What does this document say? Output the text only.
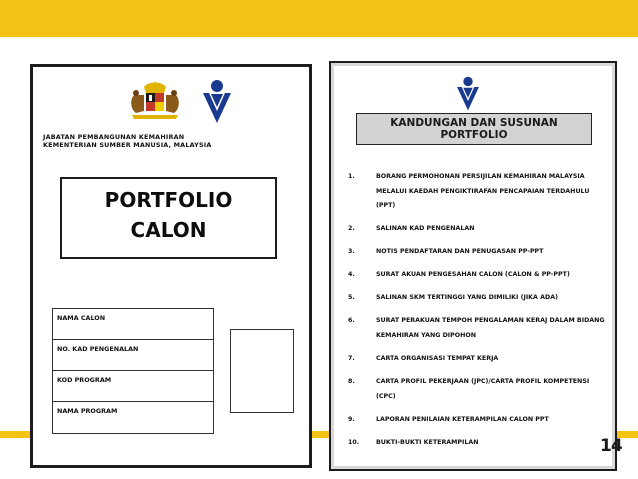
JABATAN PEMBANGUNAN KEMAHIRAN
KEMENTERIAN SUMBER MANUSIA, MALAYSIA
PORTFOLIO
CALON
NAMA CALON
NO. KAD PENGENALAN
KOD PROGRAM
NAMA PROGRAM
KANDUNGAN DAN SUSUNAN
PORTFOLIO
1.	BORANG PERMOHONAN PERSIJILAN KEMAHIRAN MALAYSIA MELALUI KAEDAH PENGIKTIRAFAN PENCAPAIAN TERDAHULU (PPT)
2.	SALINAN KAD PENGENALAN
3.	NOTIS PENDAFTARAN DAN PENUGASAN PP-PPT
4.	SURAT AKUAN PENGESAHAN CALON (CALON & PP-PPT)
5.	SALINAN SKM TERTINGGI YANG DIMILIKI (JIKA ADA)
6.	SURAT PERAKUAN TEMPOH PENGALAMAN KERAJ DALAM BIDANG KEMAHIRAN YANG DIPOHON
7.	CARTA ORGANISASI TEMPAT KERJA
8.	CARTA PROFIL PEKERJAAN (JPC)/CARTA PROFIL KOMPETENSI (CPC)
9.	LAPORAN PENILAIAN KETERAMPILAN CALON PPT
10.	BUKTI-BUKTI KETERAMPILAN	14
